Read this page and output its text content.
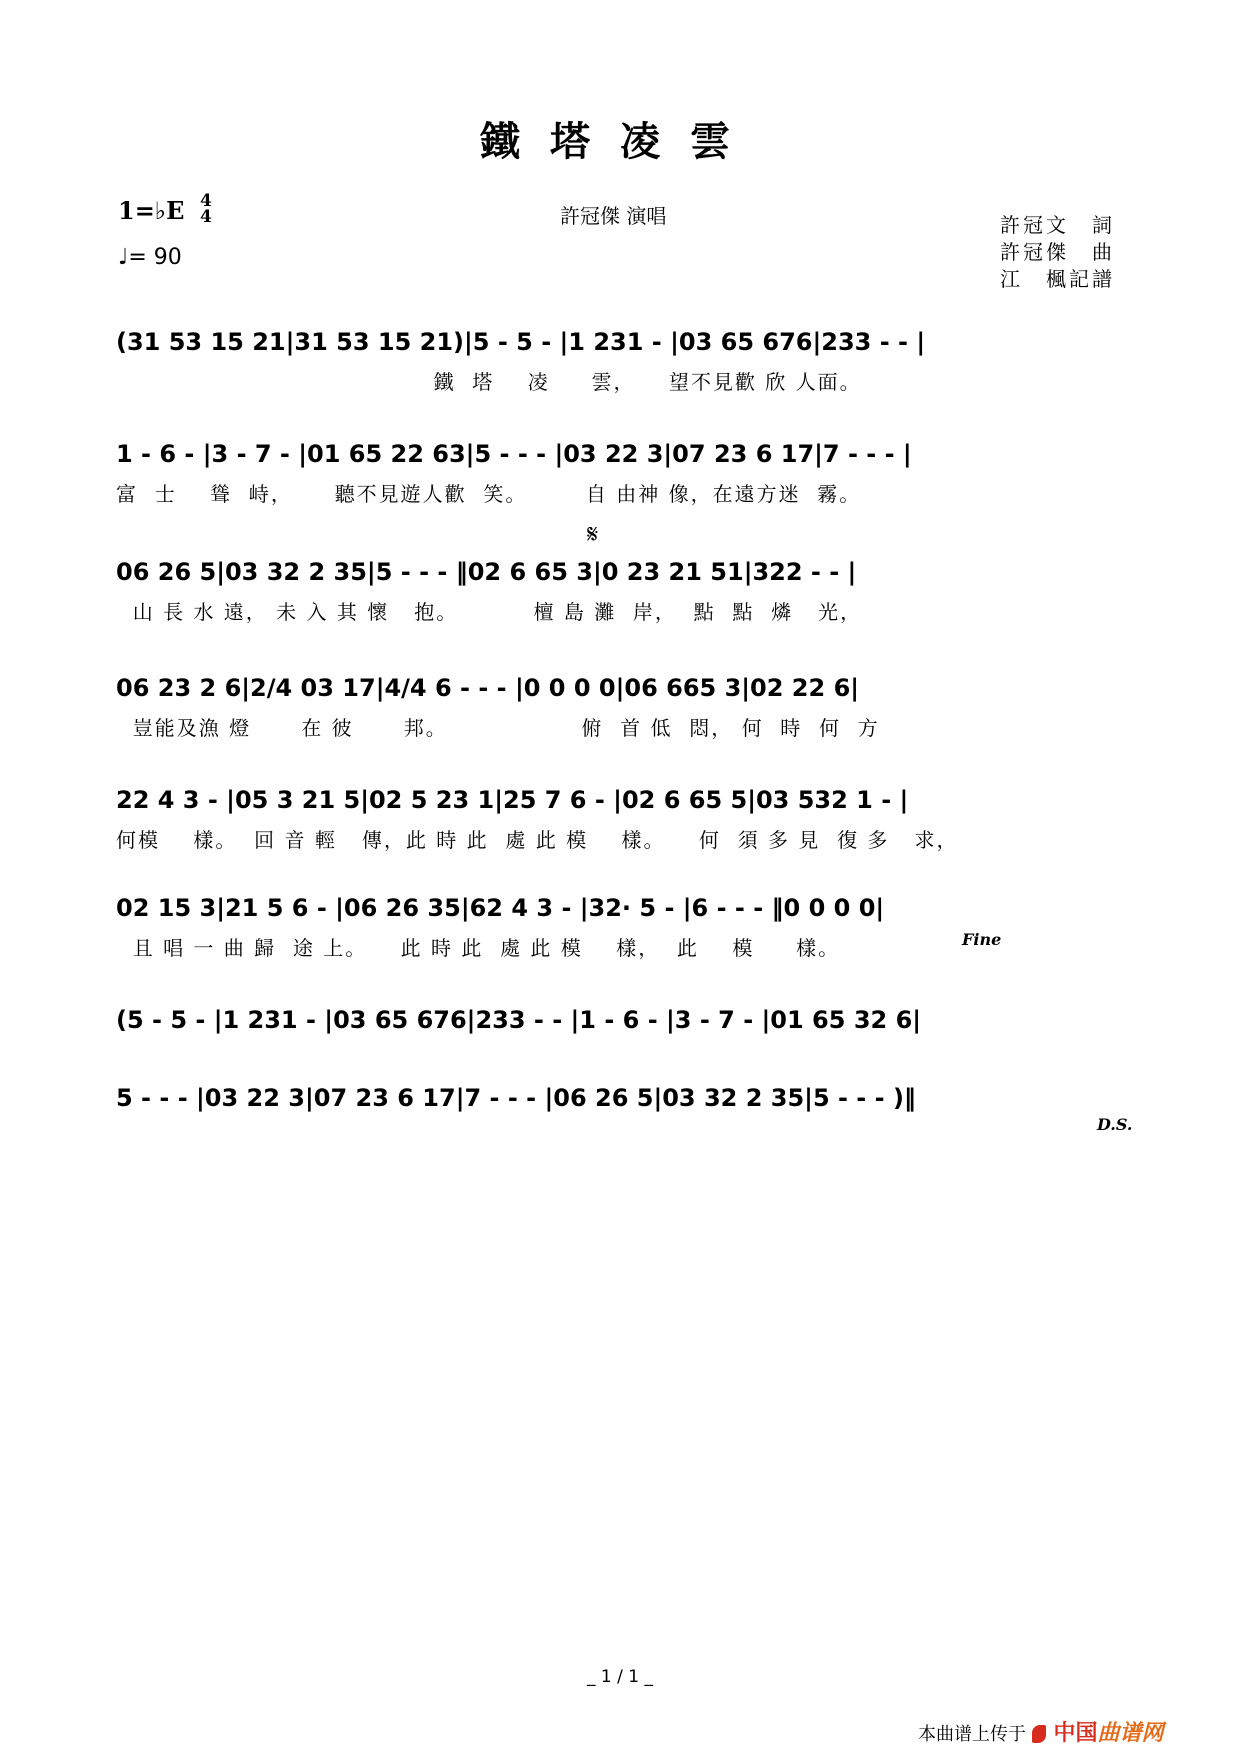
鐵塔凌雲
1=♭E 4
4
♩= 90
許冠傑 演唱	許冠文　詞
許冠傑　曲
江　楓記譜
(31 53 15 21|31 53 15 21)|5 - 5 - |1 231 - |03 65 676|233 - - |
鐵  塔    凌     雲，    望不見歡 欣 人面。
1 - 6 - |3 - 7 - |01 65 22 63|5 - - - |03 22 3|07 23 6 17|7 - - - |
富  士    聳  峙，     聽不見遊人歡  笑。       自 由神 像，在遠方迷  霧。
𝄋
06 26 5|03 32 2 35|5 - - - ‖02 6 65 3|0 23 21 51|322 - - |
山 長 水 遠， 未 入 其 懷   抱。         檀 島 灘  岸，  點  點  燐   光，
06 23 2 6|2/4 03 17|4/4 6 - - - |0 0 0 0|06 665 3|02 22 6|
豈能及漁 燈      在 彼      邦。                俯  首 低  悶， 何  時  何  方
22 4 3 - |05 3 21 5|02 5 23 1|25 7 6 - |02 6 65 5|03 532 1 - |
何模    樣。  回 音 輕   傳，此 時 此  處 此 模    樣。    何  須 多 見  復 多   求，
02 15 3|21 5 6 - |06 26 35|62 4 3 - |32· 5 - |6 - - - ‖0 0 0 0|
且 唱 一 曲 歸  途 上。    此 時 此  處 此 模    樣，  此    模     樣。	Fine
(5 - 5 - |1 231 - |03 65 676|233 - - |1 - 6 - |3 - 7 - |01 65 32 6|
5 - - - |03 22 3|07 23 6 17|7 - - - |06 26 5|03 32 2 35|5 - - - )‖
D.S.
_ 1 / 1 _
本曲谱上传于 中国曲谱网
